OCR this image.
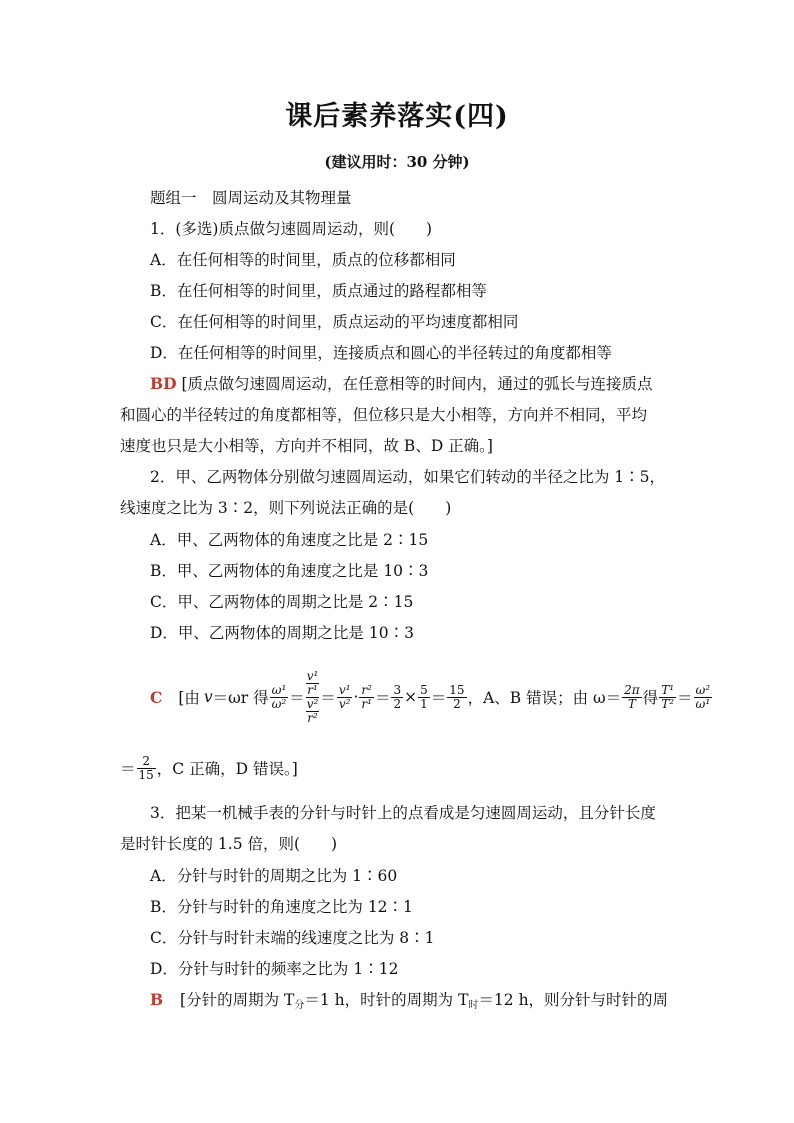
课后素养落实(四)
(建议用时：30 分钟)
题组一　圆周运动及其物理量
1．(多选)质点做匀速圆周运动，则(　　)
A．在任何相等的时间里，质点的位移都相同
B．在任何相等的时间里，质点通过的路程都相等
C．在任何相等的时间里，质点运动的平均速度都相同
D．在任何相等的时间里，连接质点和圆心的半径转过的角度都相等
BD [质点做匀速圆周运动，在任意相等的时间内，通过的弧长与连接质点
和圆心的半径转过的角度都相等，但位移只是大小相等，方向并不相同，平均
速度也只是大小相等，方向并不相同，故 B、D 正确。]
2．甲、乙两物体分别做匀速圆周运动，如果它们转动的半径之比为 1∶5，
线速度之比为 3∶2，则下列说法正确的是(　　)
A．甲、乙两物体的角速度之比是 2∶15
B．甲、乙两物体的角速度之比是 10∶3
C．甲、乙两物体的周期之比是 2∶15
D．甲、乙两物体的周期之比是 10∶3
C [由 v ＝ωr 得 $\frac{\text{ω¹}}{\text{ω²}} = v^1$
r¹
v²
$r^2 = \frac{\text{v¹}}{\text{v²}} \cdot \frac{\text{r²}}{\text{r¹}} = \frac{3}{2} \times \frac{5}{1} = \frac{15}{2}$ ，A、B 错误；由 $\omega= \frac{2\pi}{T}$ 得 $\frac{\text{T¹}}{\text{T²}} = \frac{\text{ω²}}{\text{ω¹}}$
＝ $\frac{2}{15}$ ，C 正确，D 错误。]
3．把某一机械手表的分针与时针上的点看成是匀速圆周运动，且分针长度
是时针长度的 1.5 倍，则(　　)
A．分针与时针的周期之比为 1∶60
B．分针与时针的角速度之比为 12∶1
C．分针与时针末端的线速度之比为 8∶1
D．分针与时针的频率之比为 1∶12
B [分针的周期为 $T_分=1$ h，时针的周期为 $T_时=12$ h，则分针与时针的周
